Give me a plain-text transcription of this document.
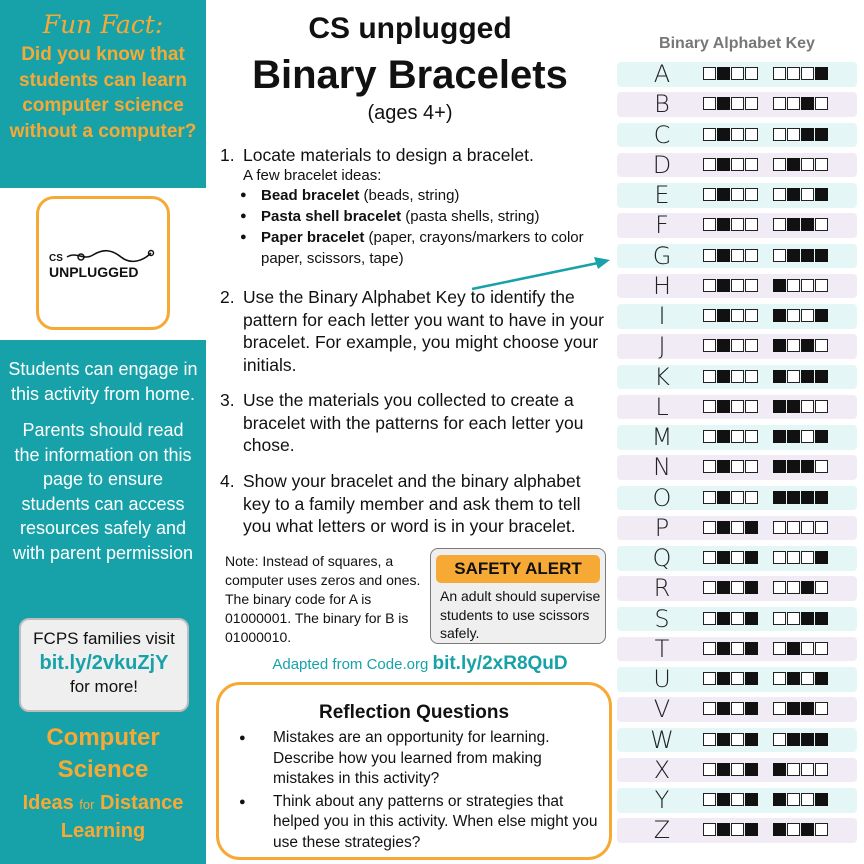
Fun Fact:
Did you know that students can learn computer science without a computer?
CS
UNPLUGGED
Students can engage in this activity from home.
Parents should read the information on this page to ensure students can access resources safely and with parent permission
FCPS families visit
bit.ly/2vkuZjY
for more!
Computer
Science
Ideas for Distance
Learning
CS unplugged
Binary Bracelets
(ages 4+)
1. Locate materials to design a bracelet.
A few bracelet ideas:
● Bead bracelet (beads, string)
● Pasta shell bracelet (pasta shells, string)
● Paper bracelet (paper, crayons/markers to color paper, scissors, tape)
2. Use the Binary Alphabet Key to identify the pattern for each letter you want to have in your bracelet. For example, you might choose your initials.
3. Use the materials you collected to create a bracelet with the patterns for each letter you chose.
4. Show your bracelet and the binary alphabet key to a family member and ask them to tell you what letters or word is in your bracelet.
Note: Instead of squares, a computer uses zeros and ones. The binary code for A is 01000001. The binary for B is 01000010.
SAFETY ALERT
An adult should supervise students to use scissors safely.
Adapted from Code.org bit.ly/2xR8QuD
Reflection Questions
● Mistakes are an opportunity for learning. Describe how you learned from making mistakes in this activity?
● Think about any patterns or strategies that helped you in this activity. When else might you use these strategies?
Binary Alphabet Key
A
B
C
D
E
F
G
H
I
J
K
L
M
N
O
P
Q
R
S
T
U
V
W
X
Y
Z
